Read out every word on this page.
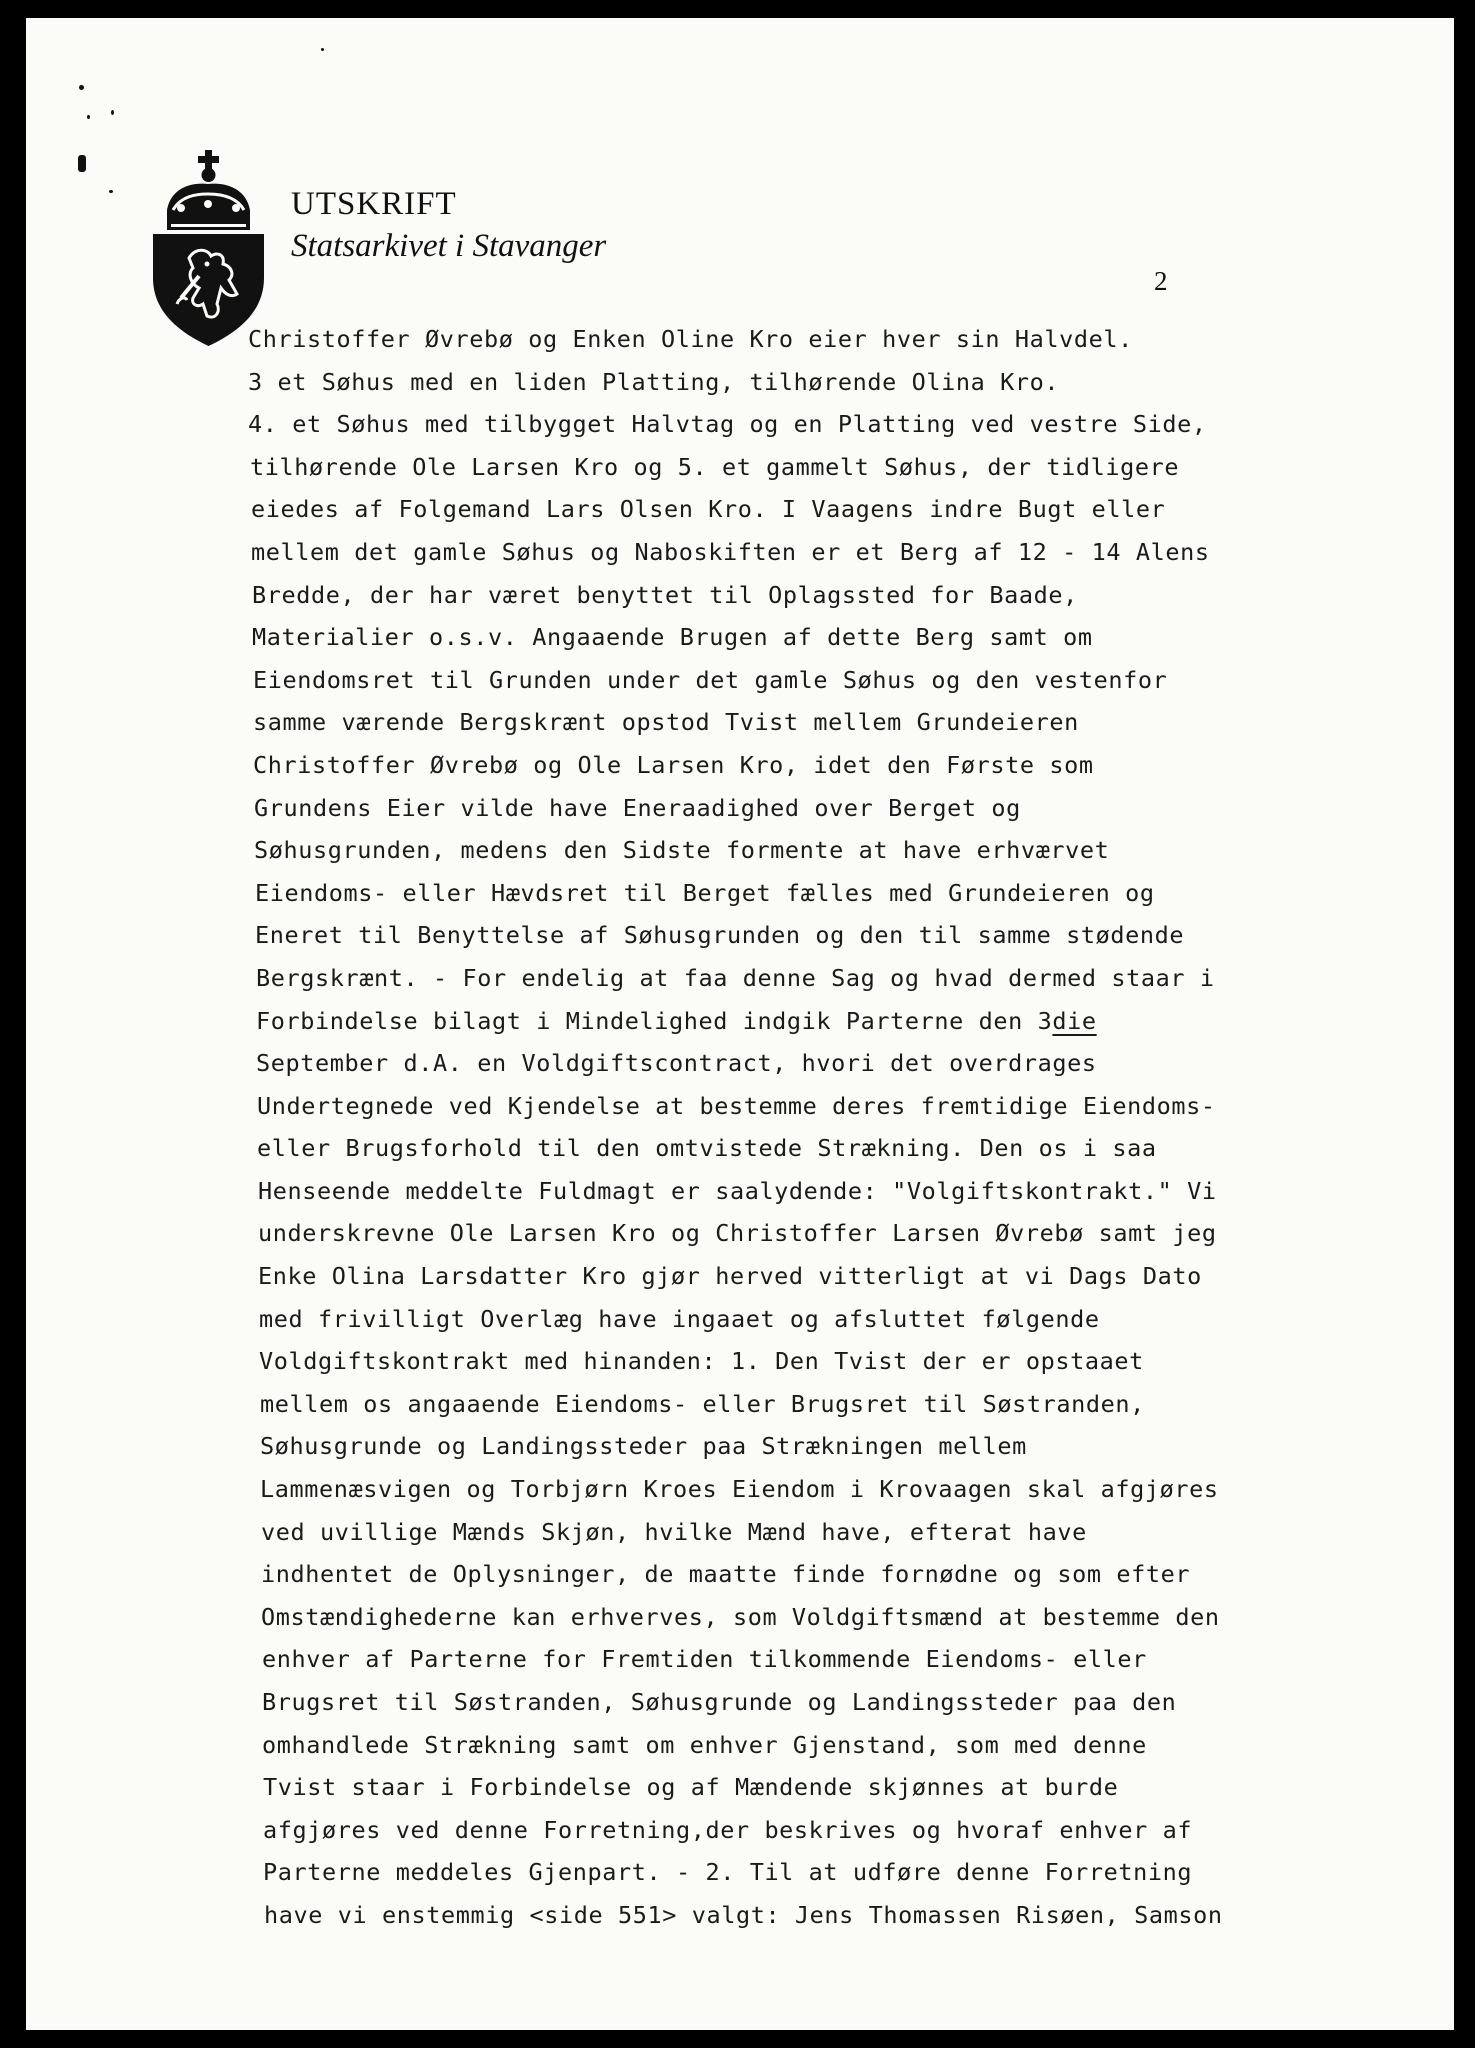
UTSKRIFT
Statsarkivet i Stavanger
2
Christoffer Øvrebø og Enken Oline Kro eier hver sin Halvdel.
3 et Søhus med en liden Platting, tilhørende Olina Kro.
4. et Søhus med tilbygget Halvtag og en Platting ved vestre Side,
tilhørende Ole Larsen Kro og 5. et gammelt Søhus, der tidligere
eiedes af Folgemand Lars Olsen Kro. I Vaagens indre Bugt eller
mellem det gamle Søhus og Naboskiften er et Berg af 12 - 14 Alens
Bredde, der har været benyttet til Oplagssted for Baade,
Materialier o.s.v. Angaaende Brugen af dette Berg samt om
Eiendomsret til Grunden under det gamle Søhus og den vestenfor
samme værende Bergskrænt opstod Tvist mellem Grundeieren
Christoffer Øvrebø og Ole Larsen Kro, idet den Første som
Grundens Eier vilde have Eneraadighed over Berget og
Søhusgrunden, medens den Sidste formente at have erhværvet
Eiendoms- eller Hævdsret til Berget fælles med Grundeieren og
Eneret til Benyttelse af Søhusgrunden og den til samme stødende
Bergskrænt. - For endelig at faa denne Sag og hvad dermed staar i
Forbindelse bilagt i Mindelighed indgik Parterne den 3die
September d.A. en Voldgiftscontract, hvori det overdrages
Undertegnede ved Kjendelse at bestemme deres fremtidige Eiendoms-
eller Brugsforhold til den omtvistede Strækning. Den os i saa
Henseende meddelte Fuldmagt er saalydende: "Volgiftskontrakt." Vi
underskrevne Ole Larsen Kro og Christoffer Larsen Øvrebø samt jeg
Enke Olina Larsdatter Kro gjør herved vitterligt at vi Dags Dato
med frivilligt Overlæg have ingaaet og afsluttet følgende
Voldgiftskontrakt med hinanden: 1. Den Tvist der er opstaaet
mellem os angaaende Eiendoms- eller Brugsret til Søstranden,
Søhusgrunde og Landingssteder paa Strækningen mellem
Lammenæsvigen og Torbjørn Kroes Eiendom i Krovaagen skal afgjøres
ved uvillige Mænds Skjøn, hvilke Mænd have, efterat have
indhentet de Oplysninger, de maatte finde fornødne og som efter
Omstændighederne kan erhverves, som Voldgiftsmænd at bestemme den
enhver af Parterne for Fremtiden tilkommende Eiendoms- eller
Brugsret til Søstranden, Søhusgrunde og Landingssteder paa den
omhandlede Strækning samt om enhver Gjenstand, som med denne
Tvist staar i Forbindelse og af Mændende skjønnes at burde
afgjøres ved denne Forretning,der beskrives og hvoraf enhver af
Parterne meddeles Gjenpart. - 2. Til at udføre denne Forretning
have vi enstemmig <side 551> valgt: Jens Thomassen Risøen, Samson
